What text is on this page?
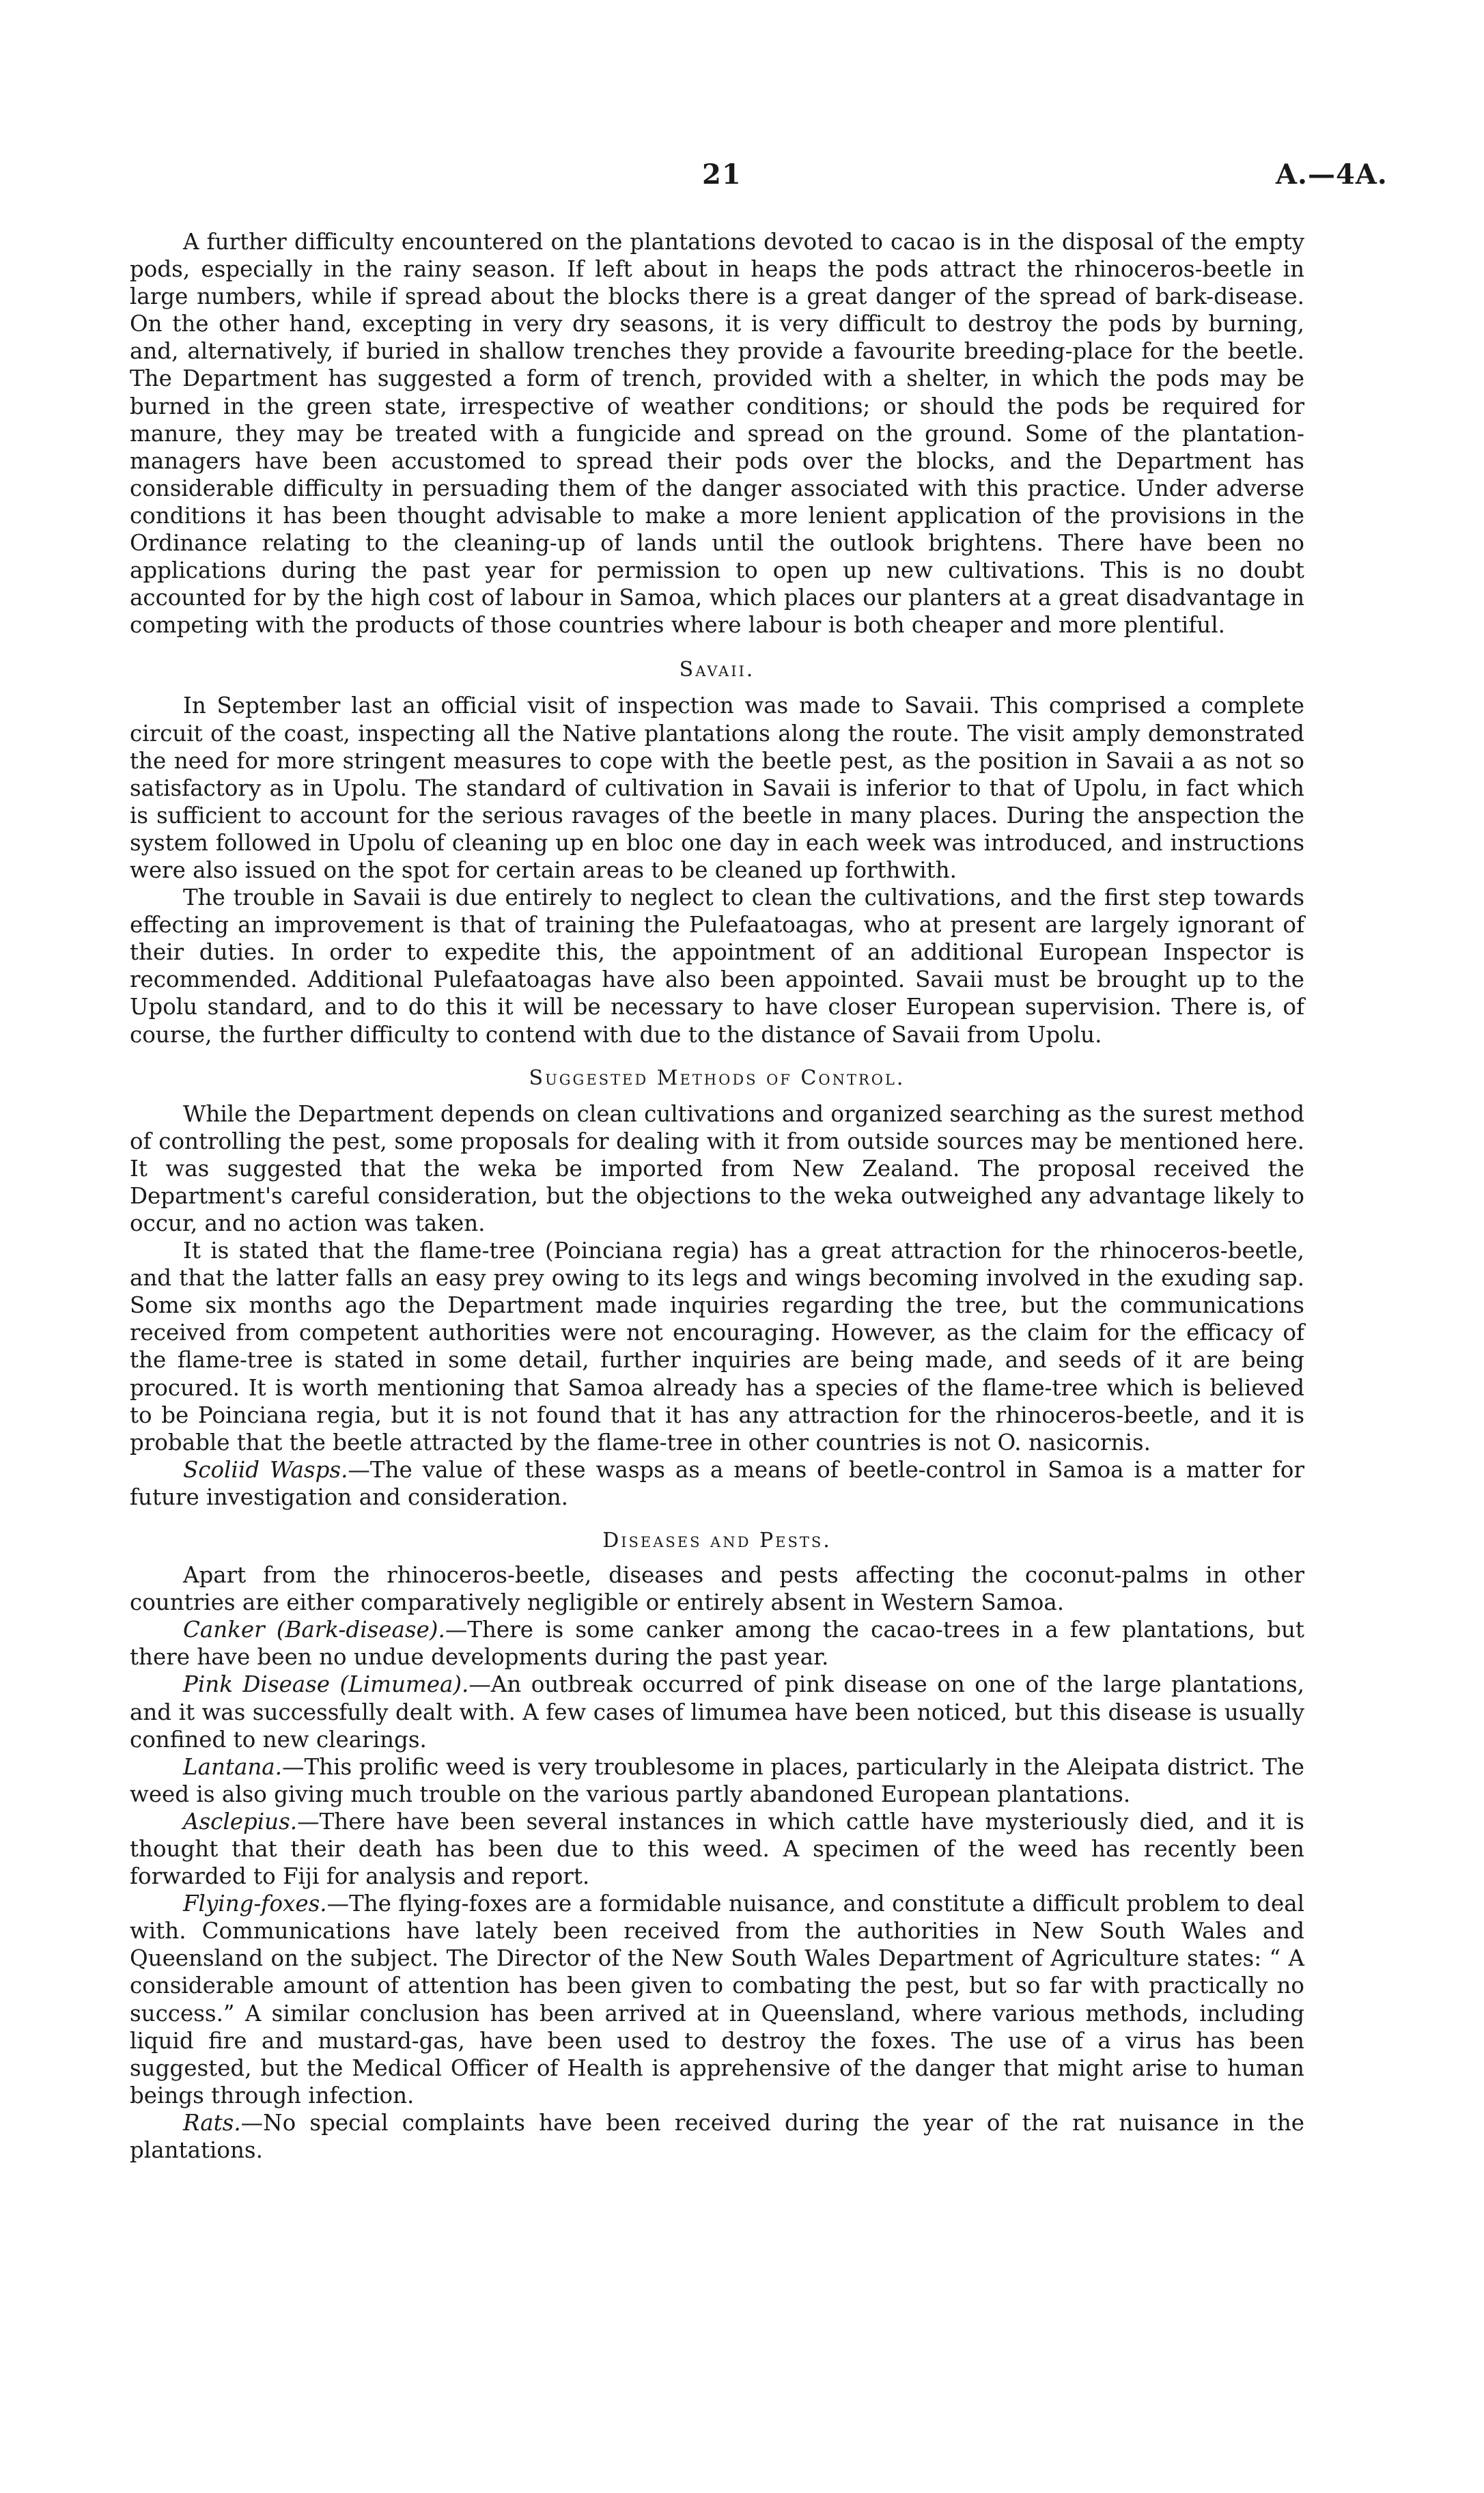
21	A.—4A.

A further difficulty encountered on the plantations devoted to cacao is in the disposal of the empty pods, especially in the rainy season. If left about in heaps the pods attract the rhinoceros-beetle in large numbers, while if spread about the blocks there is a great danger of the spread of bark-disease. On the other hand, excepting in very dry seasons, it is very difficult to destroy the pods by burning, and, alternatively, if buried in shallow trenches they provide a favourite breeding-place for the beetle. The Department has suggested a form of trench, provided with a shelter, in which the pods may be burned in the green state, irrespective of weather conditions; or should the pods be required for manure, they may be treated with a fungicide and spread on the ground. Some of the plantation-managers have been accustomed to spread their pods over the blocks, and the Department has considerable difficulty in persuading them of the danger associated with this practice. Under adverse conditions it has been thought advisable to make a more lenient application of the provisions in the Ordinance relating to the cleaning-up of lands until the outlook brightens. There have been no applications during the past year for permission to open up new cultivations. This is no doubt accounted for by the high cost of labour in Samoa, which places our planters at a great disadvantage in competing with the products of those countries where labour is both cheaper and more plentiful.

Savaii.

In September last an official visit of inspection was made to Savaii. This comprised a complete circuit of the coast, inspecting all the Native plantations along the route. The visit amply demonstrated the need for more stringent measures to cope with the beetle pest, as the position in Savaii a as not so satisfactory as in Upolu. The standard of cultivation in Savaii is inferior to that of Upolu, in fact which is sufficient to account for the serious ravages of the beetle in many places. During the anspection the system followed in Upolu of cleaning up en bloc one day in each week was introduced, and instructions were also issued on the spot for certain areas to be cleaned up forthwith.

The trouble in Savaii is due entirely to neglect to clean the cultivations, and the first step towards effecting an improvement is that of training the Pulefaatoagas, who at present are largely ignorant of their duties. In order to expedite this, the appointment of an additional European Inspector is recommended. Additional Pulefaatoagas have also been appointed. Savaii must be brought up to the Upolu standard, and to do this it will be necessary to have closer European supervision. There is, of course, the further difficulty to contend with due to the distance of Savaii from Upolu.

Suggested Methods of Control.

While the Department depends on clean cultivations and organized searching as the surest method of controlling the pest, some proposals for dealing with it from outside sources may be mentioned here. It was suggested that the weka be imported from New Zealand. The proposal received the Department's careful consideration, but the objections to the weka outweighed any advantage likely to occur, and no action was taken.

It is stated that the flame-tree (Poinciana regia) has a great attraction for the rhinoceros-beetle, and that the latter falls an easy prey owing to its legs and wings becoming involved in the exuding sap. Some six months ago the Department made inquiries regarding the tree, but the communications received from competent authorities were not encouraging. However, as the claim for the efficacy of the flame-tree is stated in some detail, further inquiries are being made, and seeds of it are being procured. It is worth mentioning that Samoa already has a species of the flame-tree which is believed to be Poinciana regia, but it is not found that it has any attraction for the rhinoceros-beetle, and it is probable that the beetle attracted by the flame-tree in other countries is not O. nasicornis.

Scoliid Wasps.—The value of these wasps as a means of beetle-control in Samoa is a matter for future investigation and consideration.

Diseases and Pests.

Apart from the rhinoceros-beetle, diseases and pests affecting the coconut-palms in other countries are either comparatively negligible or entirely absent in Western Samoa.

Canker (Bark-disease).—There is some canker among the cacao-trees in a few plantations, but there have been no undue developments during the past year.

Pink Disease (Limumea).—An outbreak occurred of pink disease on one of the large plantations, and it was successfully dealt with. A few cases of limumea have been noticed, but this disease is usually confined to new clearings.

Lantana.—This prolific weed is very troublesome in places, particularly in the Aleipata district. The weed is also giving much trouble on the various partly abandoned European plantations.

Asclepius.—There have been several instances in which cattle have mysteriously died, and it is thought that their death has been due to this weed. A specimen of the weed has recently been forwarded to Fiji for analysis and report.

Flying-foxes.—The flying-foxes are a formidable nuisance, and constitute a difficult problem to deal with. Communications have lately been received from the authorities in New South Wales and Queensland on the subject. The Director of the New South Wales Department of Agriculture states: “ A considerable amount of attention has been given to combating the pest, but so far with practically no success.” A similar conclusion has been arrived at in Queensland, where various methods, including liquid fire and mustard-gas, have been used to destroy the foxes. The use of a virus has been suggested, but the Medical Officer of Health is apprehensive of the danger that might arise to human beings through infection.

Rats.—No special complaints have been received during the year of the rat nuisance in the plantations.
